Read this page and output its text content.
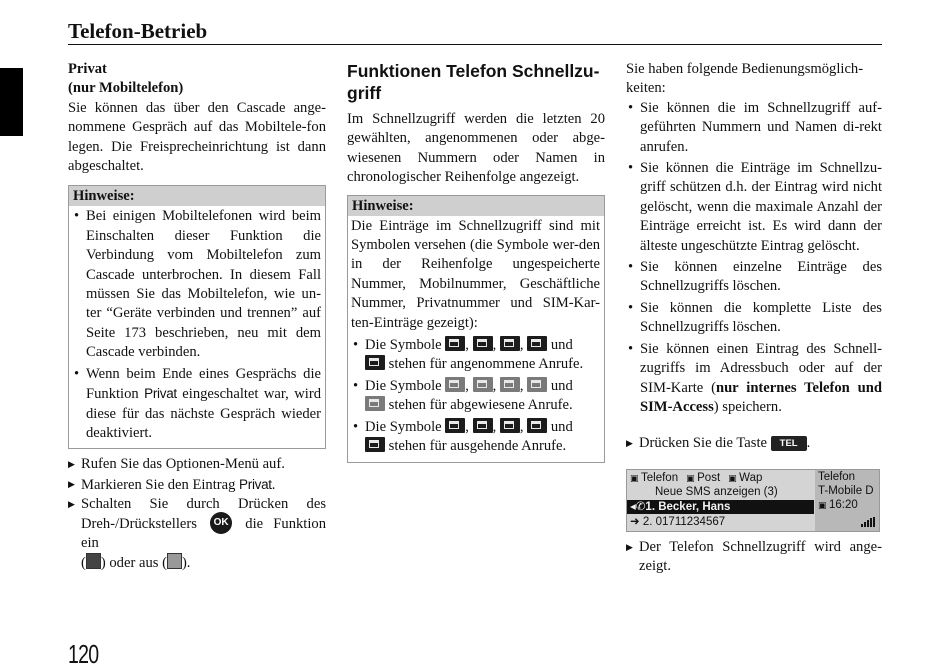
Telefon-Betrieb

Privat

(nur Mobiltelefon)

Sie können das über den Cascade ange-nommene Gespräch auf das Mobiltele-fon legen. Die Freisprecheinrichtung ist dann abgeschaltet.

Hinweise:
• Bei einigen Mobiltelefonen wird beim Einschalten dieser Funktion die Verbindung vom Mobiltelefon zum Cascade unterbrochen. In diesem Fall müssen Sie das Mobiltelefon, wie un-ter “Geräte verbinden und trennen” auf Seite 173 beschrieben, neu mit dem Cascade verbinden.
• Wenn beim Ende eines Gesprächs die Funktion Privat eingeschaltet war, wird diese für das nächste Gespräch wieder deaktiviert.
▶ Rufen Sie das Optionen-Menü auf.
▶ Markieren Sie den Eintrag Privat.
▶ Schalten Sie durch Drücken des Dreh-/Drückstellers OK die Funktion ein
( ) oder aus ( ).

Funktionen Telefon Schnellzu-griff

Im Schnellzugriff werden die letzten 20 gewählten, angenommenen oder abge-wiesenen Nummern oder Namen in chronologischer Reihenfolge angezeigt.

Hinweise:

Die Einträge im Schnellzugriff sind mit Symbolen versehen (die Symbole wer-den in der Reihenfolge ungespeicherte Nummer, Mobilnummer, Geschäftliche Nummer, Privatnummer und SIM-Kar-ten-Einträge gezeigt):

• Die Symbole , , , und
stehen für angenommene Anrufe.
• Die Symbole , , , und
stehen für abgewiesene Anrufe.
• Die Symbole , , , und
stehen für ausgehende Anrufe.

Sie haben folgende Bedienungsmöglich-keiten:

• Sie können die im Schnellzugriff auf-geführten Nummern und Namen di-rekt anrufen.
• Sie können die Einträge im Schnellzu-griff schützen d.h. der Eintrag wird nicht gelöscht, wenn die maximale Anzahl der Einträge erreicht ist. Es wird dann der älteste ungeschützte Eintrag gelöscht.
• Sie können einzelne Einträge des Schnellzugriffs löschen.
• Sie können die komplette Liste des Schnellzugriffs löschen.
• Sie können einen Eintrag des Schnell-zugriffs im Adressbuch oder auf der SIM-Karte (nur internes Telefon und SIM-Access) speichern.
▶ Drücken Sie die Taste TEL .
▣ Telefon ▣ Post ▣ Wap
Neue SMS anzeigen (3)
◂✆1. Becker, Hans
➜ 2. 01711234567
Telefon
T-Mobile D
▣ 16:20
▶ Der Telefon Schnellzugriff wird ange-zeigt.
120
